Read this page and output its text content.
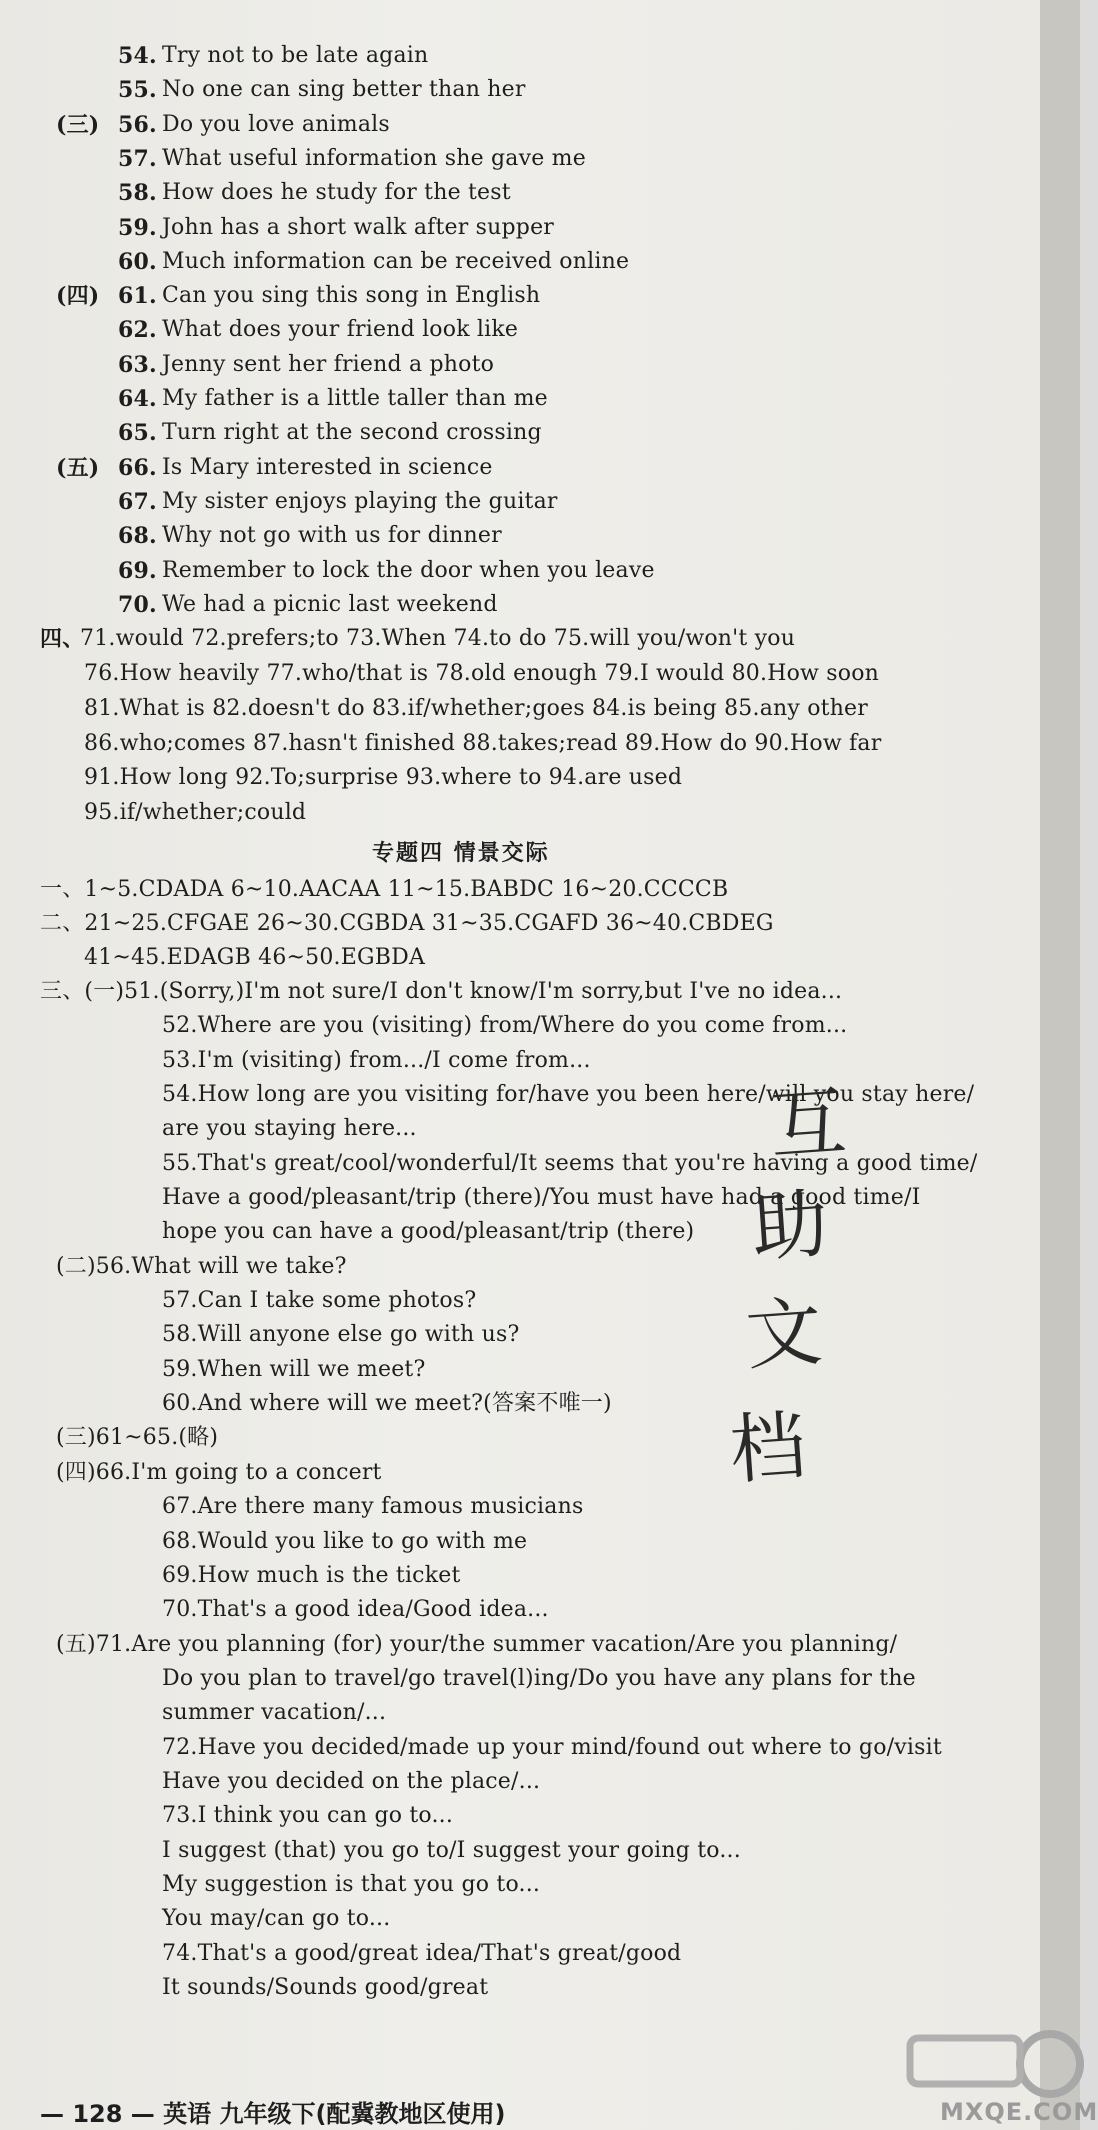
54. Try not to be late again
55. No one can sing better than her
(三) 56. Do you love animals
57. What useful information she gave me
58. How does he study for the test
59. John has a short walk after supper
60. Much information can be received online
(四) 61. Can you sing this song in English
62. What does your friend look like
63. Jenny sent her friend a photo
64. My father is a little taller than me
65. Turn right at the second crossing
(五) 66. Is Mary interested in science
67. My sister enjoys playing the guitar
68. Why not go with us for dinner
69. Remember to lock the door when you leave
70. We had a picnic last weekend
四、
71.would 72.prefers;to 73.When 74.to do 75.will you/won't you
76.How heavily 77.who/that is 78.old enough 79.I would 80.How soon
81.What is 82.doesn't do 83.if/whether;goes 84.is being 85.any other
86.who;comes 87.hasn't finished 88.takes;read 89.How do 90.How far
91.How long 92.To;surprise 93.where to 94.are used
95.if/whether;could
专题四 情景交际
一、1~5.CDADA 6~10.AACAA 11~15.BABDC 16~20.CCCCB
二、21~25.CFGAE 26~30.CGBDA 31~35.CGAFD 36~40.CBDEG
41~45.EDAGB 46~50.EGBDA
三、(一)51.(Sorry,)I'm not sure/I don't know/I'm sorry,but I've no idea...
52.Where are you (visiting) from/Where do you come from...
53.I'm (visiting) from.../I come from...
54.How long are you visiting for/have you been here/will you stay here/
are you staying here...
55.That's great/cool/wonderful/It seems that you're having a good time/
Have a good/pleasant/trip (there)/You must have had a good time/I
hope you can have a good/pleasant/trip (there)
(二)56.What will we take?
57.Can I take some photos?
58.Will anyone else go with us?
59.When will we meet?
60.And where will we meet?(答案不唯一)
(三)61~65.(略)
(四)66.I'm going to a concert
67.Are there many famous musicians
68.Would you like to go with me
69.How much is the ticket
70.That's a good idea/Good idea...
(五)71.Are you planning (for) your/the summer vacation/Are you planning/
Do you plan to travel/go travel(l)ing/Do you have any plans for the
summer vacation/...
72.Have you decided/made up your mind/found out where to go/visit
Have you decided on the place/...
73.I think you can go to...
I suggest (that) you go to/I suggest your going to...
My suggestion is that you go to...
You may/can go to...
74.That's a good/great idea/That's great/good
It sounds/Sounds good/great
互
助
文
档
— 128 — 英语 九年级下(配冀教地区使用)	MXQE.COM
